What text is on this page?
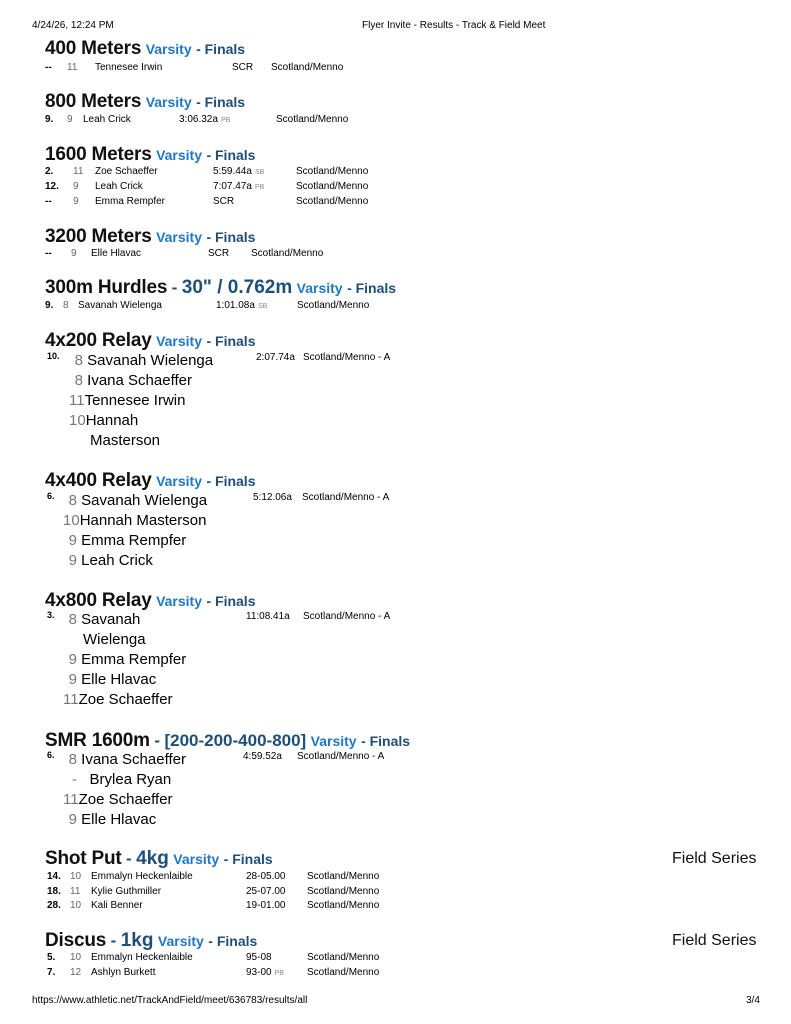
4/24/26, 12:24 PM	Flyer Invite - Results - Track & Field Meet
400 Meters Varsity - Finals
-- 11 Tennesee Irwin	SCR Scotland/Menno
800 Meters Varsity - Finals
9. 9 Leah Crick	3:06.32a PB	Scotland/Menno
1600 Meters Varsity - Finals
2. 11 Zoe Schaeffer	5:59.44a SB	Scotland/Menno
12. 9 Leah Crick	7:07.47a PB	Scotland/Menno
-- 9 Emma Rempfer	SCR	Scotland/Menno
3200 Meters Varsity - Finals
-- 9 Elle Hlavac	SCR Scotland/Menno
300m Hurdles - 30" / 0.762m Varsity - Finals
9. 8 Savanah Wielenga	1:01.08a SB	Scotland/Menno
4x200 Relay Varsity - Finals
10.	2:07.74a Scotland/Menno - A
8 Savanah Wielenga
8 Ivana Schaeffer
11Tennesee Irwin
10Hannah
Masterson
4x400 Relay Varsity - Finals
6.	5:12.06a Scotland/Menno - A
8 Savanah Wielenga
10Hannah Masterson
9 Emma Rempfer
9 Leah Crick
4x800 Relay Varsity - Finals
3.	11:08.41a Scotland/Menno - A
8 Savanah
Wielenga
9 Emma Rempfer
9 Elle Hlavac
11Zoe Schaeffer
SMR 1600m - [200-200-400-800] Varsity - Finals
6.	4:59.52a Scotland/Menno - A
8 Ivana Schaeffer
- Brylea Ryan
11Zoe Schaeffer
9 Elle Hlavac
Shot Put - 4kg Varsity - Finals	Field Series
14. 10 Emmalyn Heckenlaible	28-05.00 Scotland/Menno
18. 11 Kylie Guthmiller	25-07.00 Scotland/Menno
28. 10 Kali Benner	19-01.00 Scotland/Menno
Discus - 1kg Varsity - Finals	Field Series
5. 10 Emmalyn Heckenlaible	95-08	Scotland/Menno
7. 12 Ashlyn Burkett	93-00 PB Scotland/Menno
https://www.athletic.net/TrackAndField/meet/636783/results/all	3/4
